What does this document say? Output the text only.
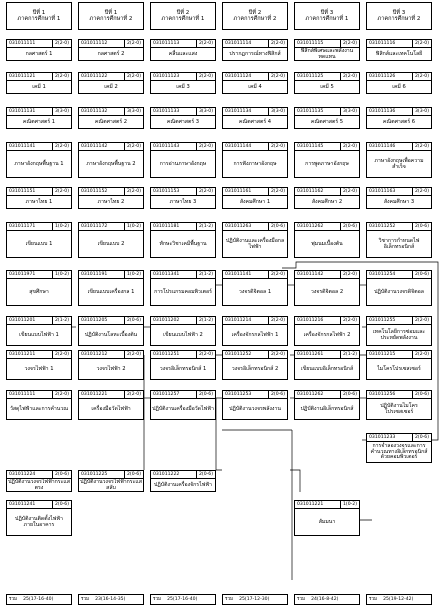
ปีที่ 1
ภาคการศึกษาที่ 1
ปีที่ 1
ภาคการศึกษาที่ 2
ปีที่ 2
ภาคการศึกษาที่ 1
ปีที่ 2
ภาคการศึกษาที่ 2
ปีที่ 3
ภาคการศึกษาที่ 1
ปีที่ 3
ภาคการศึกษาที่ 2
031011111	2(2-0)
กลศาสตร์ 1
031011121	2(2-0)
เคมี 1
031011131	3(3-0)
คณิตศาสตร์ 1
031011141	2(2-0)
ภาษาอังกฤษพื้นฐาน 1
031011151	2(2-0)
ภาษาไทย 1
031011171	1(0-2)
เขียนแบบ 1
031011971	1(0-2)
สุขศึกษา
031011201	2(1-2)
เขียนแบบไฟฟ้า 1
031011211	2(2-0)
วงจรไฟฟ้า 1
031011111	2(2-0)
วัสดุไฟฟ้าและการคำนวณ
031011224	2(0-6)
ปฏิบัติงานวงจรไฟฟ้ากระแสตรง
031011241	2(0-6)
ปฏิบัติงานติดตั้งไฟฟ้าภายในอาคาร
031011112	2(2-0)
กลศาสตร์ 2
031011122	2(2-0)
เคมี 2
031011132	3(3-0)
คณิตศาสตร์ 2
031011142	2(2-0)
ภาษาอังกฤษพื้นฐาน 2
031011152	2(2-0)
ภาษาไทย 2
031011172	1(0-2)
เขียนแบบ 2
031011191	1(0-2)
เขียนแบบเครื่องกล 1
031011205	2(0-6)
ปฏิบัติงานโลหะเบื้องต้น
031011212	2(2-0)
วงจรไฟฟ้า 2
031011221	2(2-0)
เครื่องมือวัดไฟฟ้า
031011225	2(0-6)
ปฏิบัติงานวงจรไฟฟ้ากระแสสลับ
031011113	2(2-0)
คลื่นและแสง
031011123	2(2-0)
เคมี 3
031011133	3(3-0)
คณิตศาสตร์ 3
031011143	2(2-0)
การอ่านภาษาอังกฤษ
031011153	2(2-0)
ภาษาไทย 3
031011181	2(1-2)
ทักษะวิชาเคมีพื้นฐาน
031011341	2(1-2)
การโปรแกรมคอมพิวเตอร์
031011202	2(1-2)
เขียนแบบไฟฟ้า 2
031011251	2(2-0)
วงจรอิเล็กทรอนิกส์ 1
031011257	2(0-6)
ปฏิบัติงานเครื่องมือวัดไฟฟ้า
031011222	2(0-6)
ปฏิบัติงานเครื่องจักรไฟฟ้า
031011114	2(2-0)
ปรากฏการณ์ทางฟิสิกส์
031011124	2(2-0)
เคมี 4
031011134	3(3-0)
คณิตศาสตร์ 4
031011144	2(2-0)
การฟังภาษาอังกฤษ
031011161	2(2-0)
สังคมศึกษา 1
031011263	2(0-6)
ปฏิบัติงานและเครื่องมือกลไฟฟ้า
031011141	2(2-0)
วงจรดิจิตอล 1
031011214	2(2-0)
เครื่องจักรกลไฟฟ้า 1
031011252	2(2-0)
วงจรอิเล็กทรอนิกส์ 2
031011253	2(0-6)
ปฏิบัติงานวงจรพลังงาน
031011115	2(2-0)
ฟิสิกส์พิเศษและพลังงานทดแทน
031011125	2(2-0)
เคมี 5
031011135	3(3-0)
คณิตศาสตร์ 5
031011145	2(2-0)
การพูดภาษาอังกฤษ
031011162	2(2-0)
สังคมศึกษา 2
031011262	2(0-6)
พุ่มนมเบื้องต้น
031011142	2(2-0)
วงจรดิจิตอล 2
031011216	2(2-0)
เครื่องจักรกลไฟฟ้า 2
031011261	2(1-2)
เขียนแบบอิเล็กทรอนิกส์
031011262	2(0-6)
ปฏิบัติงานอิเล็กทรอนิกส์
031011221	1(0-2)
สัมมนา
031011116	2(2-0)
ฟิสิกส์และเทคโนโลยี
031011126	2(2-0)
เคมี 6
031011136	3(3-0)
คณิตศาสตร์ 6
031011146	2(2-0)
ภาษาอังกฤษเพื่อความสำเร็จ
031011163	2(2-0)
สังคมศึกษา 3
031011252	2(0-6)
วิชาการกำหนดไฟอิเล็กทรอนิกส์
031011254	2(0-6)
ปฏิบัติงานวงจรดิจิตอล
031011255	2(2-0)
เทคโนโลยีการซ่อมและประหยัดพลังงาน
031011215	2(2-0)
ไมโครโปรเซสเซอร์
031011256	2(0-6)
ปฏิบัติงานไมโครโปรเซสเซอร์
031011233	2(0-6)
การจำลองวงจรและการคำนวณทางอิเล็กทรอนิกส์ด้วยคอมพิวเตอร์
รวม 25(17-16-40)	รวม 23(16-14-35)	รวม 25(17-16-40)	รวม 25(17-12-30)	รวม 24(16-8-42)	รวม 25(19-12-42)
